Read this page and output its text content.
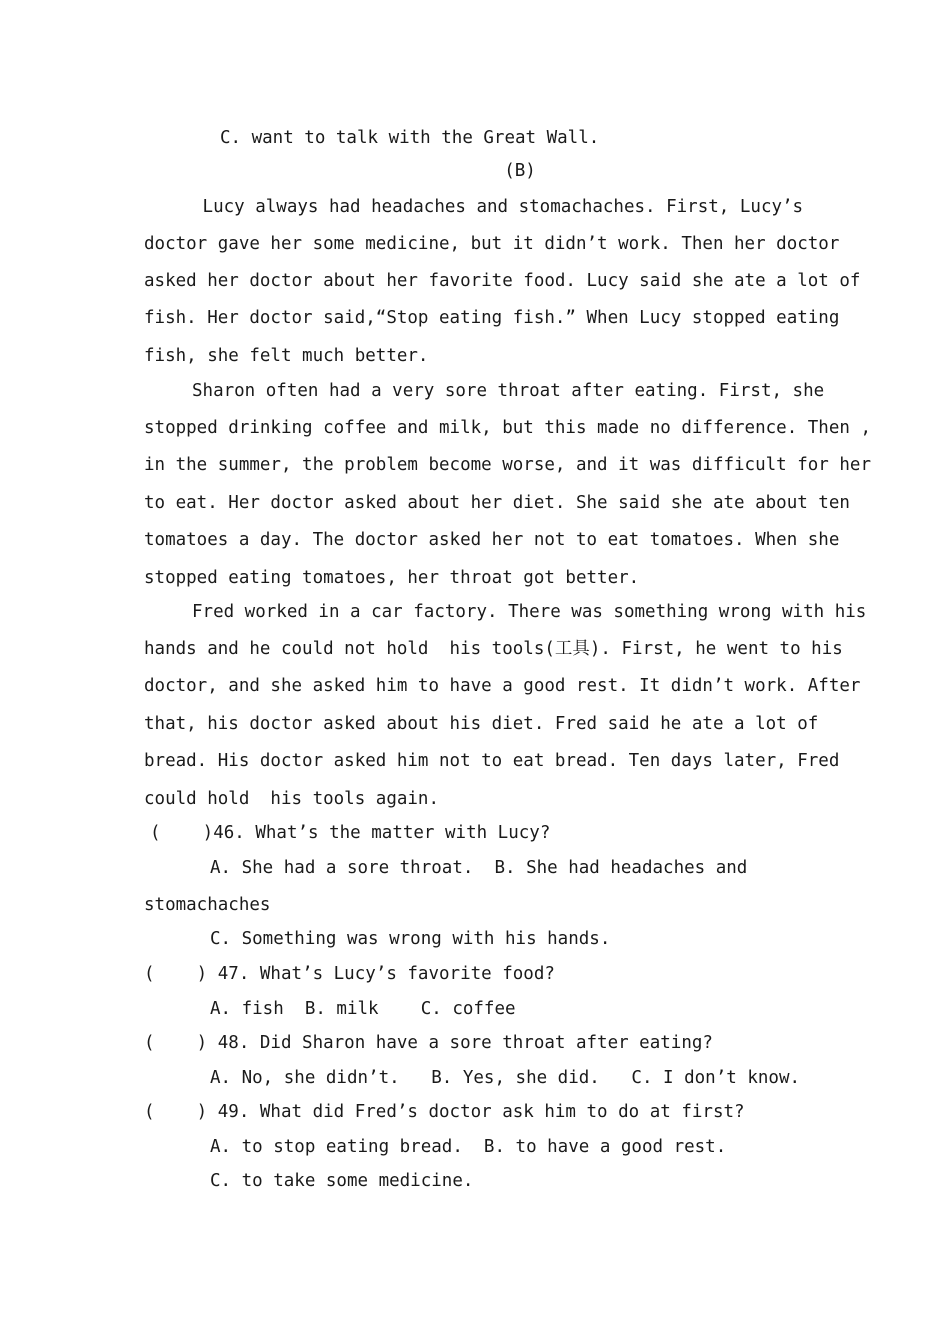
C. want to talk with the Great Wall.
(B)
Lucy always had headaches and stomachaches. First, Lucy’s
doctor gave her some medicine, but it didn’t work. Then her doctor
asked her doctor about her favorite food. Lucy said she ate a lot of
fish. Her doctor said,“Stop eating fish.” When Lucy stopped eating
fish, she felt much better.
Sharon often had a very sore throat after eating. First, she
stopped drinking coffee and milk, but this made no difference. Then ,
in the summer, the problem become worse, and it was difficult for her
to eat. Her doctor asked about her diet. She said she ate about ten
tomatoes a day. The doctor asked her not to eat tomatoes. When she
stopped eating tomatoes, her throat got better.
Fred worked in a car factory. There was something wrong with his
hands and he could not hold  his tools(工具). First, he went to his
doctor, and she asked him to have a good rest. It didn’t work. After
that, his doctor asked about his diet. Fred said he ate a lot of
bread. His doctor asked him not to eat bread. Ten days later, Fred
could hold  his tools again.
(    )46. What’s the matter with Lucy?
A. She had a sore throat.  B. She had headaches and
stomachaches
C. Something was wrong with his hands.
(    ) 47. What’s Lucy’s favorite food?
A. fish  B. milk    C. coffee
(    ) 48. Did Sharon have a sore throat after eating?
A. No, she didn’t.   B. Yes, she did.   C. I don’t know.
(    ) 49. What did Fred’s doctor ask him to do at first?
A. to stop eating bread.  B. to have a good rest.
C. to take some medicine.
